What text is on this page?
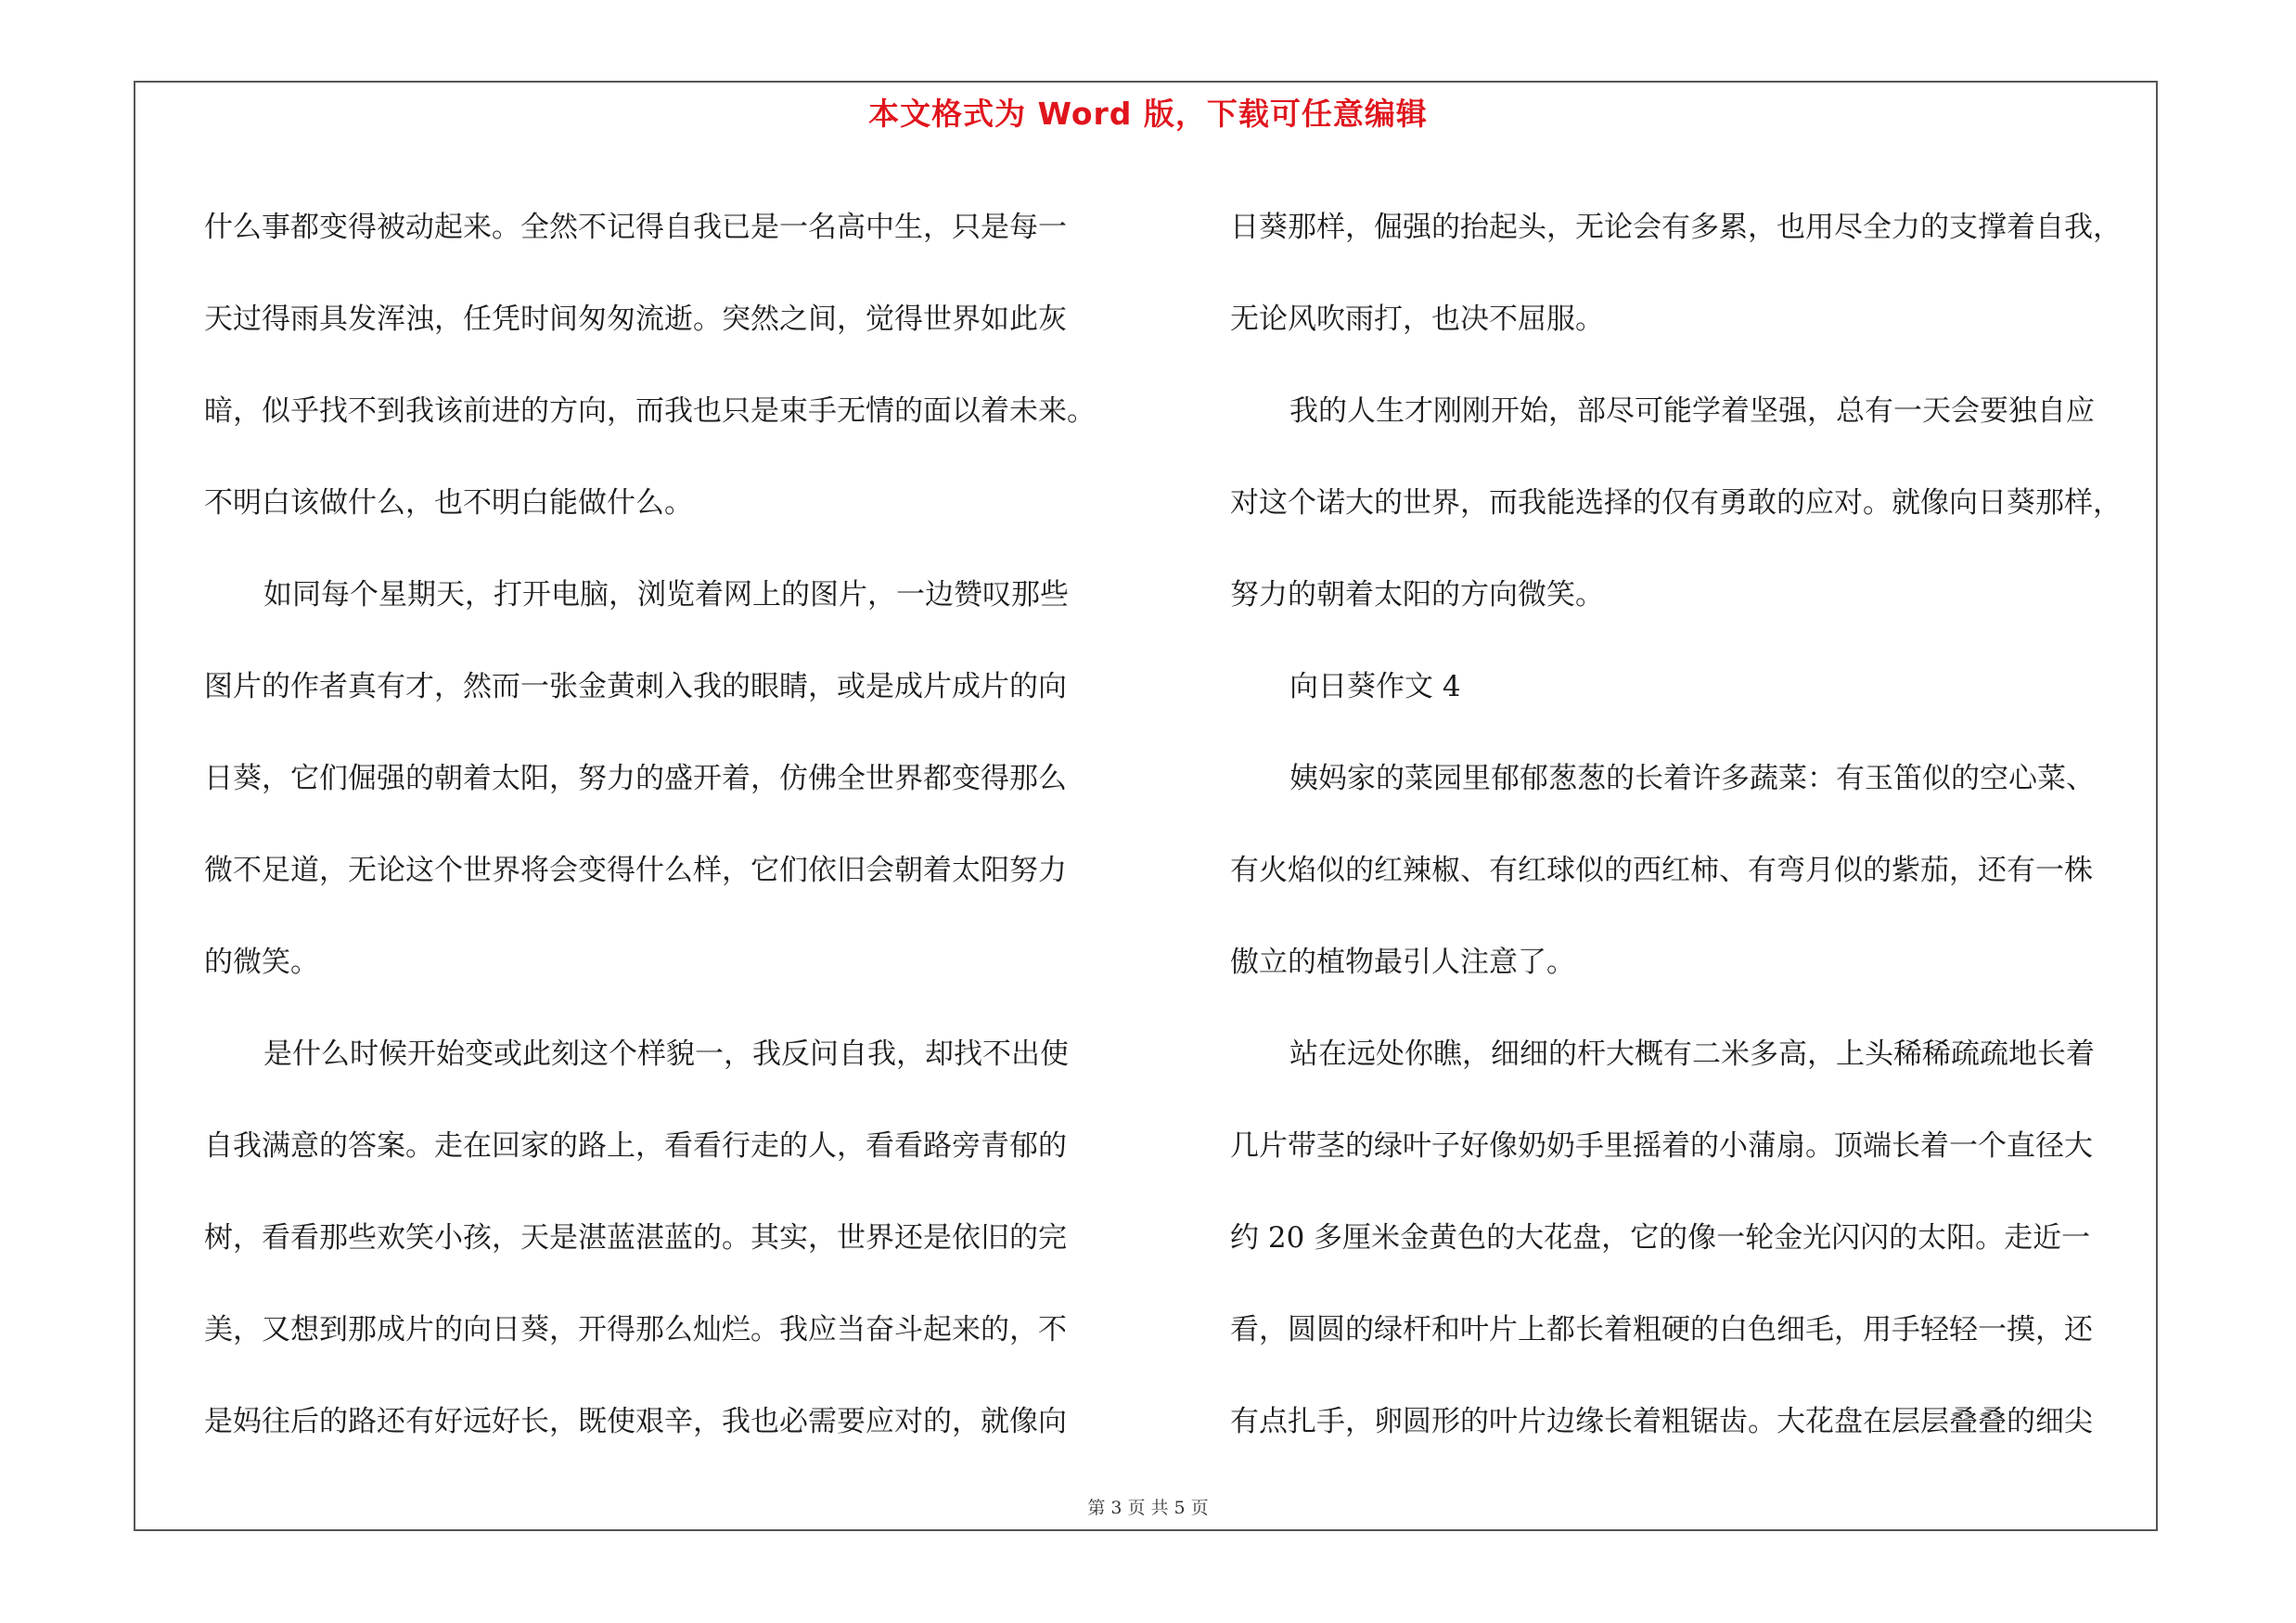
本文格式为 Word 版，下载可任意编辑
什么事都变得被动起来。全然不记得自我已是一名高中生，只是每一
天过得雨具发浑浊，任凭时间匆匆流逝。突然之间，觉得世界如此灰
暗，似乎找不到我该前进的方向，而我也只是束手无情的面以着未来。
不明白该做什么，也不明白能做什么。
如同每个星期天，打开电脑，浏览着网上的图片，一边赞叹那些
图片的作者真有才，然而一张金黄刺入我的眼睛，或是成片成片的向
日葵，它们倔强的朝着太阳，努力的盛开着，仿佛全世界都变得那么
微不足道，无论这个世界将会变得什么样，它们依旧会朝着太阳努力
的微笑。
是什么时候开始变或此刻这个样貌一，我反问自我，却找不出使
自我满意的答案。走在回家的路上，看看行走的人，看看路旁青郁的
树，看看那些欢笑小孩，天是湛蓝湛蓝的。其实，世界还是依旧的完
美，又想到那成片的向日葵，开得那么灿烂。我应当奋斗起来的，不
是妈往后的路还有好远好长，既使艰辛，我也必需要应对的，就像向
日葵那样，倔强的抬起头，无论会有多累，也用尽全力的支撑着自我，
无论风吹雨打，也决不屈服。
我的人生才刚刚开始，部尽可能学着坚强，总有一天会要独自应
对这个诺大的世界，而我能选择的仅有勇敢的应对。就像向日葵那样，
努力的朝着太阳的方向微笑。
向日葵作文 4
姨妈家的菜园里郁郁葱葱的长着许多蔬菜：有玉笛似的空心菜、
有火焰似的红辣椒、有红球似的西红柿、有弯月似的紫茄，还有一株
傲立的植物最引人注意了。
站在远处你瞧，细细的杆大概有二米多高，上头稀稀疏疏地长着
几片带茎的绿叶子好像奶奶手里摇着的小蒲扇。顶端长着一个直径大
约 20 多厘米金黄色的大花盘，它的像一轮金光闪闪的太阳。走近一
看，圆圆的绿杆和叶片上都长着粗硬的白色细毛，用手轻轻一摸，还
有点扎手，卵圆形的叶片边缘长着粗锯齿。大花盘在层层叠叠的细尖
第 3 页 共 5 页
